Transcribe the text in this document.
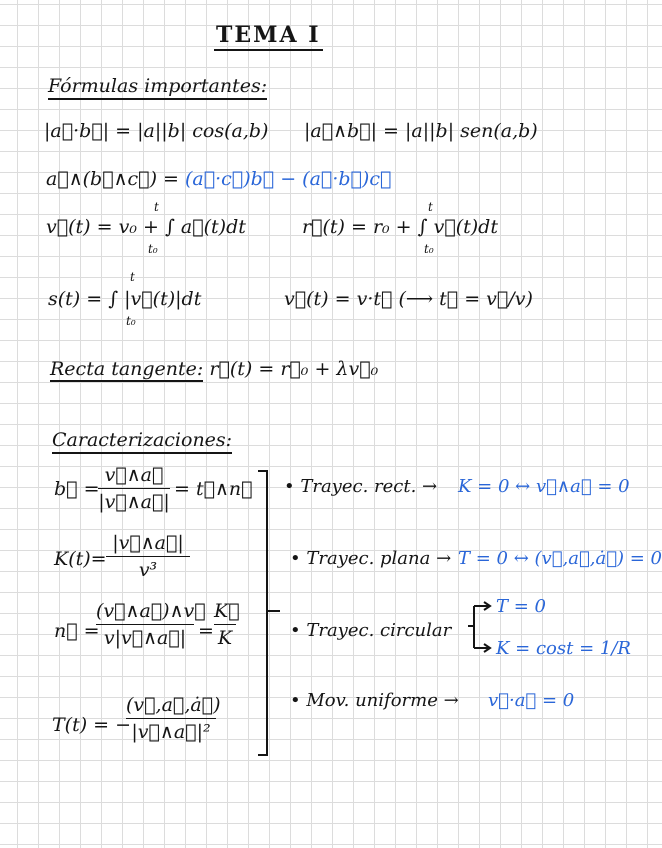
TEMA I
Fórmulas importantes:
|a⃗·b⃗| = |a||b| cos(a,b) |a⃗∧b⃗| = |a||b| sen(a,b)
a⃗∧(b⃗∧c⃗) = (a⃗·c⃗)b⃗ − (a⃗·b⃗)c⃗
v⃗(t) = v₀ + ∫ a⃗(t)dt
t
t₀
r⃗(t) = r₀ + ∫ v⃗(t)dt
t
t₀
s(t) = ∫ |v⃗(t)|dt
t
t₀
v⃗(t) = v·t⃗ (⟶ t⃗ = v⃗/v)
Recta tangente: r⃗(t) = r⃗₀ + λv⃗₀
Caracterizaciones:
b⃗ =
v⃗∧a⃗
|v⃗∧a⃗|
= t⃗∧n⃗
K(t)=
|v⃗∧a⃗|
v³
n⃗ =
(v⃗∧a⃗)∧v⃗
v|v⃗∧a⃗| =
K⃗
K
T(t) = −
(v⃗,a⃗,ȧ⃗)
|v⃗∧a⃗|²
• Trayec. rect. → K = 0 ↔ v⃗∧a⃗ = 0
• Trayec. plana → T = 0 ↔ (v⃗,a⃗,ȧ⃗) = 0
• Trayec. circular
T = 0
K = cost = 1/R
• Mov. uniforme → v⃗·a⃗ = 0
